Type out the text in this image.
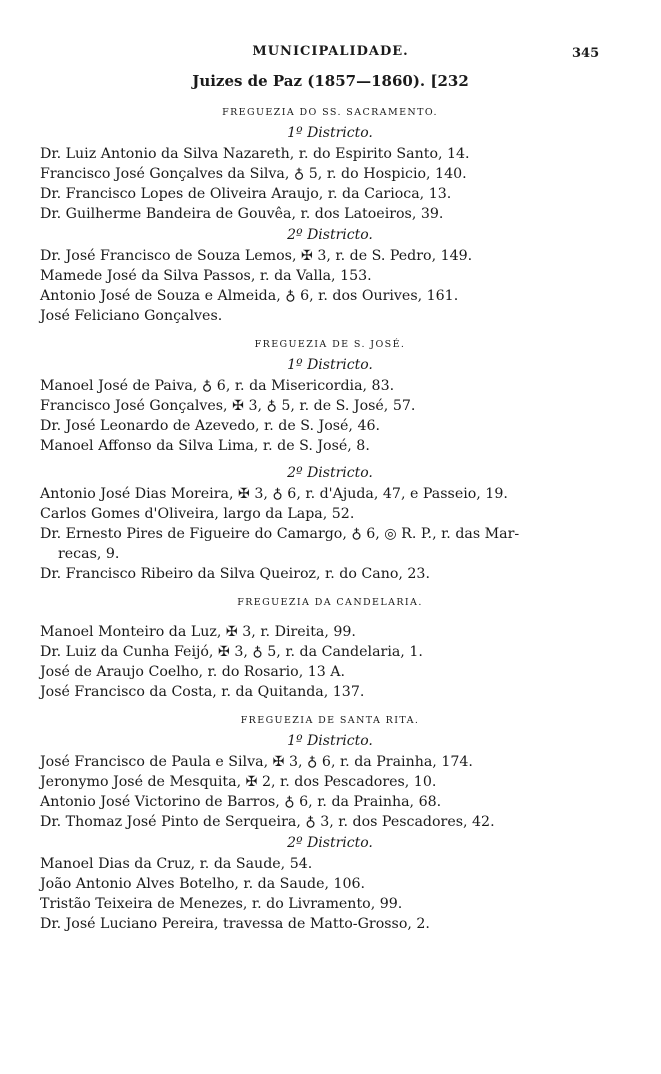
MUNICIPALIDADE.	345
Juizes de Paz (1857—1860). [232
FREGUEZIA DO SS. SACRAMENTO.
1º Districto.
Dr. Luiz Antonio da Silva Nazareth, r. do Espirito Santo, 14.
Francisco José Gonçalves da Silva, ♁ 5, r. do Hospicio, 140.
Dr. Francisco Lopes de Oliveira Araujo, r. da Carioca, 13.
Dr. Guilherme Bandeira de Gouvêa, r. dos Latoeiros, 39.
2º Districto.
Dr. José Francisco de Souza Lemos, ✠ 3, r. de S. Pedro, 149.
Mamede José da Silva Passos, r. da Valla, 153.
Antonio José de Souza e Almeida, ♁ 6, r. dos Ourives, 161.
José Feliciano Gonçalves.
FREGUEZIA DE S. JOSÉ.
1º Districto.
Manoel José de Paiva, ♁ 6, r. da Misericordia, 83.
Francisco José Gonçalves, ✠ 3, ♁ 5, r. de S. José, 57.
Dr. José Leonardo de Azevedo, r. de S. José, 46.
Manoel Affonso da Silva Lima, r. de S. José, 8.
2º Districto.
Antonio José Dias Moreira, ✠ 3, ♁ 6, r. d'Ajuda, 47, e Passeio, 19.
Carlos Gomes d'Oliveira, largo da Lapa, 52.
Dr. Ernesto Pires de Figueire do Camargo, ♁ 6, ◎ R. P., r. das Mar-
recas, 9.
Dr. Francisco Ribeiro da Silva Queiroz, r. do Cano, 23.
FREGUEZIA DA CANDELARIA.
Manoel Monteiro da Luz, ✠ 3, r. Direita, 99.
Dr. Luiz da Cunha Feijó, ✠ 3, ♁ 5, r. da Candelaria, 1.
José de Araujo Coelho, r. do Rosario, 13 A.
José Francisco da Costa, r. da Quitanda, 137.
FREGUEZIA DE SANTA RITA.
1º Districto.
José Francisco de Paula e Silva, ✠ 3, ♁ 6, r. da Prainha, 174.
Jeronymo José de Mesquita, ✠ 2, r. dos Pescadores, 10.
Antonio José Victorino de Barros, ♁ 6, r. da Prainha, 68.
Dr. Thomaz José Pinto de Serqueira, ♁ 3, r. dos Pescadores, 42.
2º Districto.
Manoel Dias da Cruz, r. da Saude, 54.
João Antonio Alves Botelho, r. da Saude, 106.
Tristão Teixeira de Menezes, r. do Livramento, 99.
Dr. José Luciano Pereira, travessa de Matto-Grosso, 2.
